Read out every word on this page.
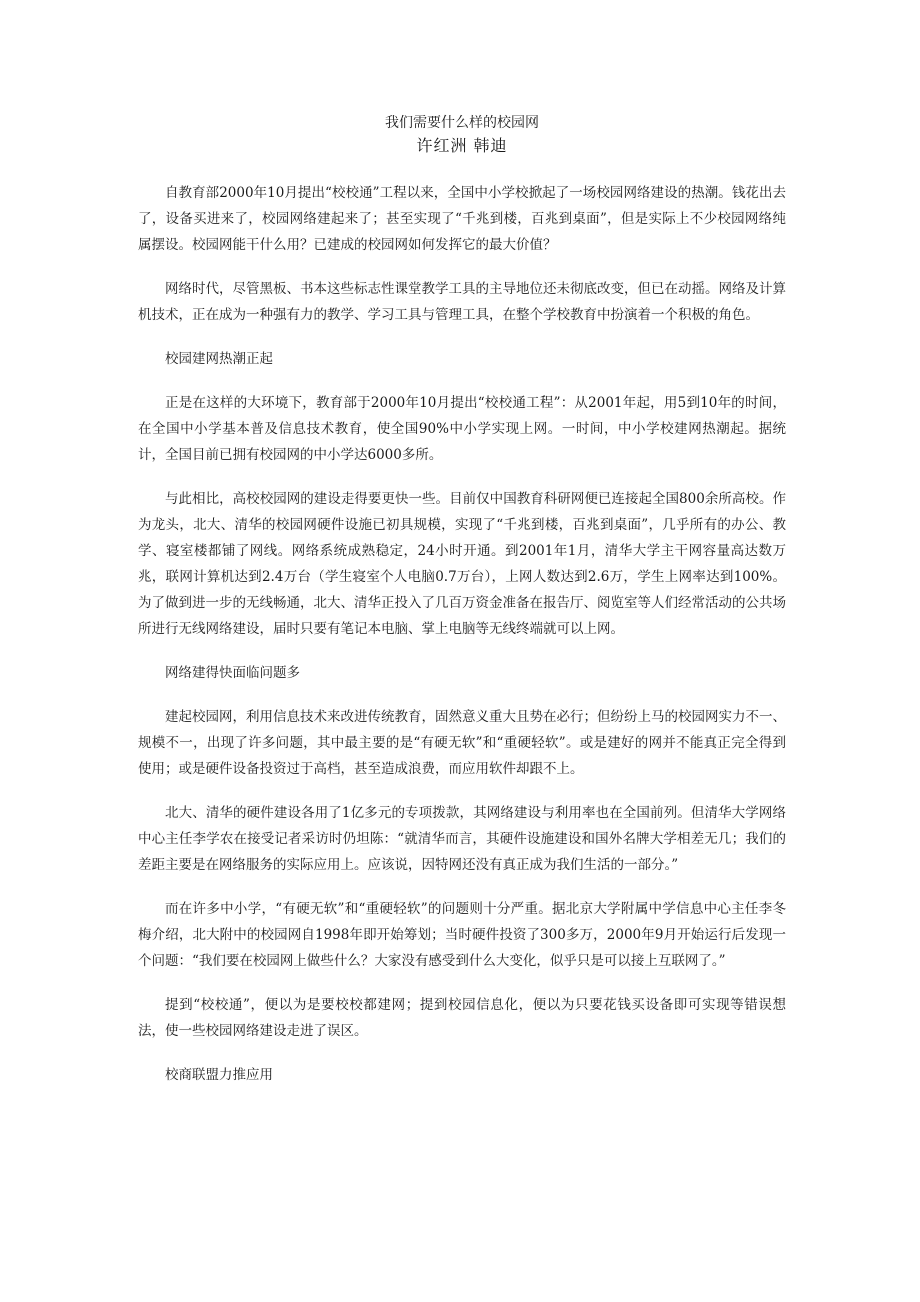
我们需要什么样的校园网

许红洲 韩迪

自教育部2000年10月提出“校校通”工程以来，全国中小学校掀起了一场校园网络建设的热潮。钱花出去了，设备买进来了，校园网络建起来了；甚至实现了“千兆到楼，百兆到桌面”，但是实际上不少校园网络纯属摆设。校园网能干什么用？已建成的校园网如何发挥它的最大价值？

网络时代，尽管黑板、书本这些标志性课堂教学工具的主导地位还未彻底改变，但已在动摇。网络及计算机技术，正在成为一种强有力的教学、学习工具与管理工具，在整个学校教育中扮演着一个积极的角色。

校园建网热潮正起

正是在这样的大环境下，教育部于2000年10月提出“校校通工程”：从2001年起，用5到10年的时间，在全国中小学基本普及信息技术教育，使全国90%中小学实现上网。一时间，中小学校建网热潮起。据统计，全国目前已拥有校园网的中小学达6000多所。

与此相比，高校校园网的建设走得要更快一些。目前仅中国教育科研网便已连接起全国800余所高校。作为龙头，北大、清华的校园网硬件设施已初具规模，实现了“千兆到楼，百兆到桌面”，几乎所有的办公、教学、寝室楼都铺了网线。网络系统成熟稳定，24小时开通。到2001年1月，清华大学主干网容量高达数万兆，联网计算机达到2.4万台（学生寝室个人电脑0.7万台），上网人数达到2.6万，学生上网率达到100%。为了做到进一步的无线畅通，北大、清华正投入了几百万资金准备在报告厅、阅览室等人们经常活动的公共场所进行无线网络建设，届时只要有笔记本电脑、掌上电脑等无线终端就可以上网。

网络建得快面临问题多

建起校园网，利用信息技术来改进传统教育，固然意义重大且势在必行；但纷纷上马的校园网实力不一、规模不一，出现了许多问题，其中最主要的是“有硬无软”和“重硬轻软”。或是建好的网并不能真正完全得到使用；或是硬件设备投资过于高档，甚至造成浪费，而应用软件却跟不上。

北大、清华的硬件建设各用了1亿多元的专项拨款，其网络建设与利用率也在全国前列。但清华大学网络中心主任李学农在接受记者采访时仍坦陈：“就清华而言，其硬件设施建设和国外名牌大学相差无几；我们的差距主要是在网络服务的实际应用上。应该说，因特网还没有真正成为我们生活的一部分。”

而在许多中小学，“有硬无软”和“重硬轻软”的问题则十分严重。据北京大学附属中学信息中心主任李冬梅介绍，北大附中的校园网自1998年即开始筹划；当时硬件投资了300多万，2000年9月开始运行后发现一个问题：“我们要在校园网上做些什么？大家没有感受到什么大变化，似乎只是可以接上互联网了。”

提到“校校通”，便以为是要校校都建网；提到校园信息化，便以为只要花钱买设备即可实现等错误想法，使一些校园网络建设走进了误区。

校商联盟力推应用
